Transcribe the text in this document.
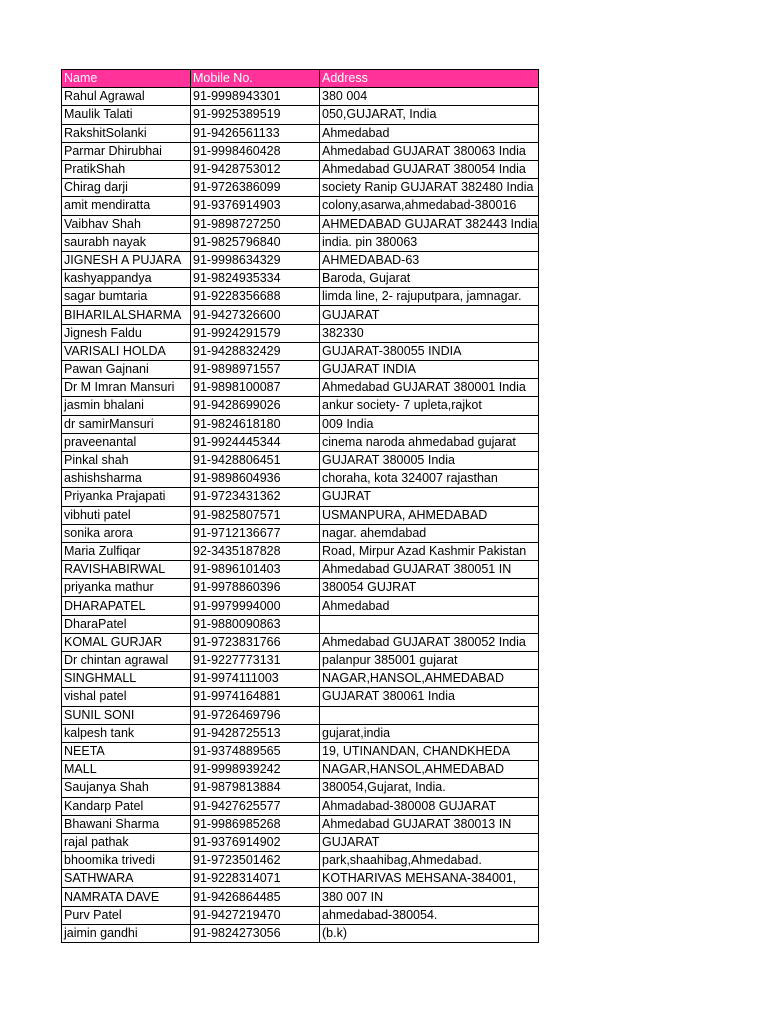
Name	Mobile No.	Address
Rahul Agrawal	91-9998943301	380 004
Maulik Talati	91-9925389519	050,GUJARAT, India
RakshitSolanki	91-9426561133	Ahmedabad
Parmar Dhirubhai	91-9998460428	Ahmedabad GUJARAT 380063 India
PratikShah	91-9428753012	Ahmedabad GUJARAT 380054 India
Chirag darji	91-9726386099	society Ranip GUJARAT 382480 India
amit mendiratta	91-9376914903	colony,asarwa,ahmedabad-380016
Vaibhav Shah	91-9898727250	AHMEDABAD GUJARAT 382443 India
saurabh nayak	91-9825796840	india. pin 380063
JIGNESH A PUJARA	91-9998634329	AHMEDABAD-63
kashyappandya	91-9824935334	Baroda, Gujarat
sagar bumtaria	91-9228356688	limda line, 2- rajuputpara, jamnagar.
BIHARILALSHARMA	91-9427326600	GUJARAT
Jignesh Faldu	91-9924291579	382330
VARISALI HOLDA	91-9428832429	GUJARAT-380055 INDIA
Pawan Gajnani	91-9898971557	GUJARAT INDIA
Dr M Imran Mansuri	91-9898100087	Ahmedabad GUJARAT 380001 India
jasmin bhalani	91-9428699026	ankur society- 7 upleta,rajkot
dr samirMansuri	91-9824618180	009 India
praveenantal	91-9924445344	cinema naroda ahmedabad gujarat
Pinkal shah	91-9428806451	GUJARAT 380005 India
ashishsharma	91-9898604936	choraha, kota 324007 rajasthan
Priyanka Prajapati	91-9723431362	GUJRAT
vibhuti patel	91-9825807571	USMANPURA, AHMEDABAD
sonika arora	91-9712136677	nagar. ahemdabad
Maria Zulfiqar	92-3435187828	Road, Mirpur Azad Kashmir Pakistan
RAVISHABIRWAL	91-9896101403	Ahmedabad GUJARAT 380051 IN
priyanka mathur	91-9978860396	380054 GUJRAT
DHARAPATEL	91-9979994000	Ahmedabad
DharaPatel	91-9880090863	
KOMAL GURJAR	91-9723831766	Ahmedabad GUJARAT 380052 India
Dr chintan agrawal	91-9227773131	palanpur 385001 gujarat
SINGHMALL	91-9974111003	NAGAR,HANSOL,AHMEDABAD
vishal patel	91-9974164881	GUJARAT 380061 India
SUNIL SONI	91-9726469796	
kalpesh tank	91-9428725513	gujarat,india
NEETA	91-9374889565	19, UTINANDAN, CHANDKHEDA
MALL	91-9998939242	NAGAR,HANSOL,AHMEDABAD
Saujanya Shah	91-9879813884	380054,Gujarat, India.
Kandarp Patel	91-9427625577	Ahmadabad-380008 GUJARAT
Bhawani Sharma	91-9986985268	Ahmedabad GUJARAT 380013 IN
rajal pathak	91-9376914902	GUJARAT
bhoomika trivedi	91-9723501462	park,shaahibag,Ahmedabad.
SATHWARA	91-9228314071	KOTHARIVAS MEHSANA-384001,
NAMRATA DAVE	91-9426864485	380 007 IN
Purv Patel	91-9427219470	ahmedabad-380054.
jaimin gandhi	91-9824273056	(b.k)
